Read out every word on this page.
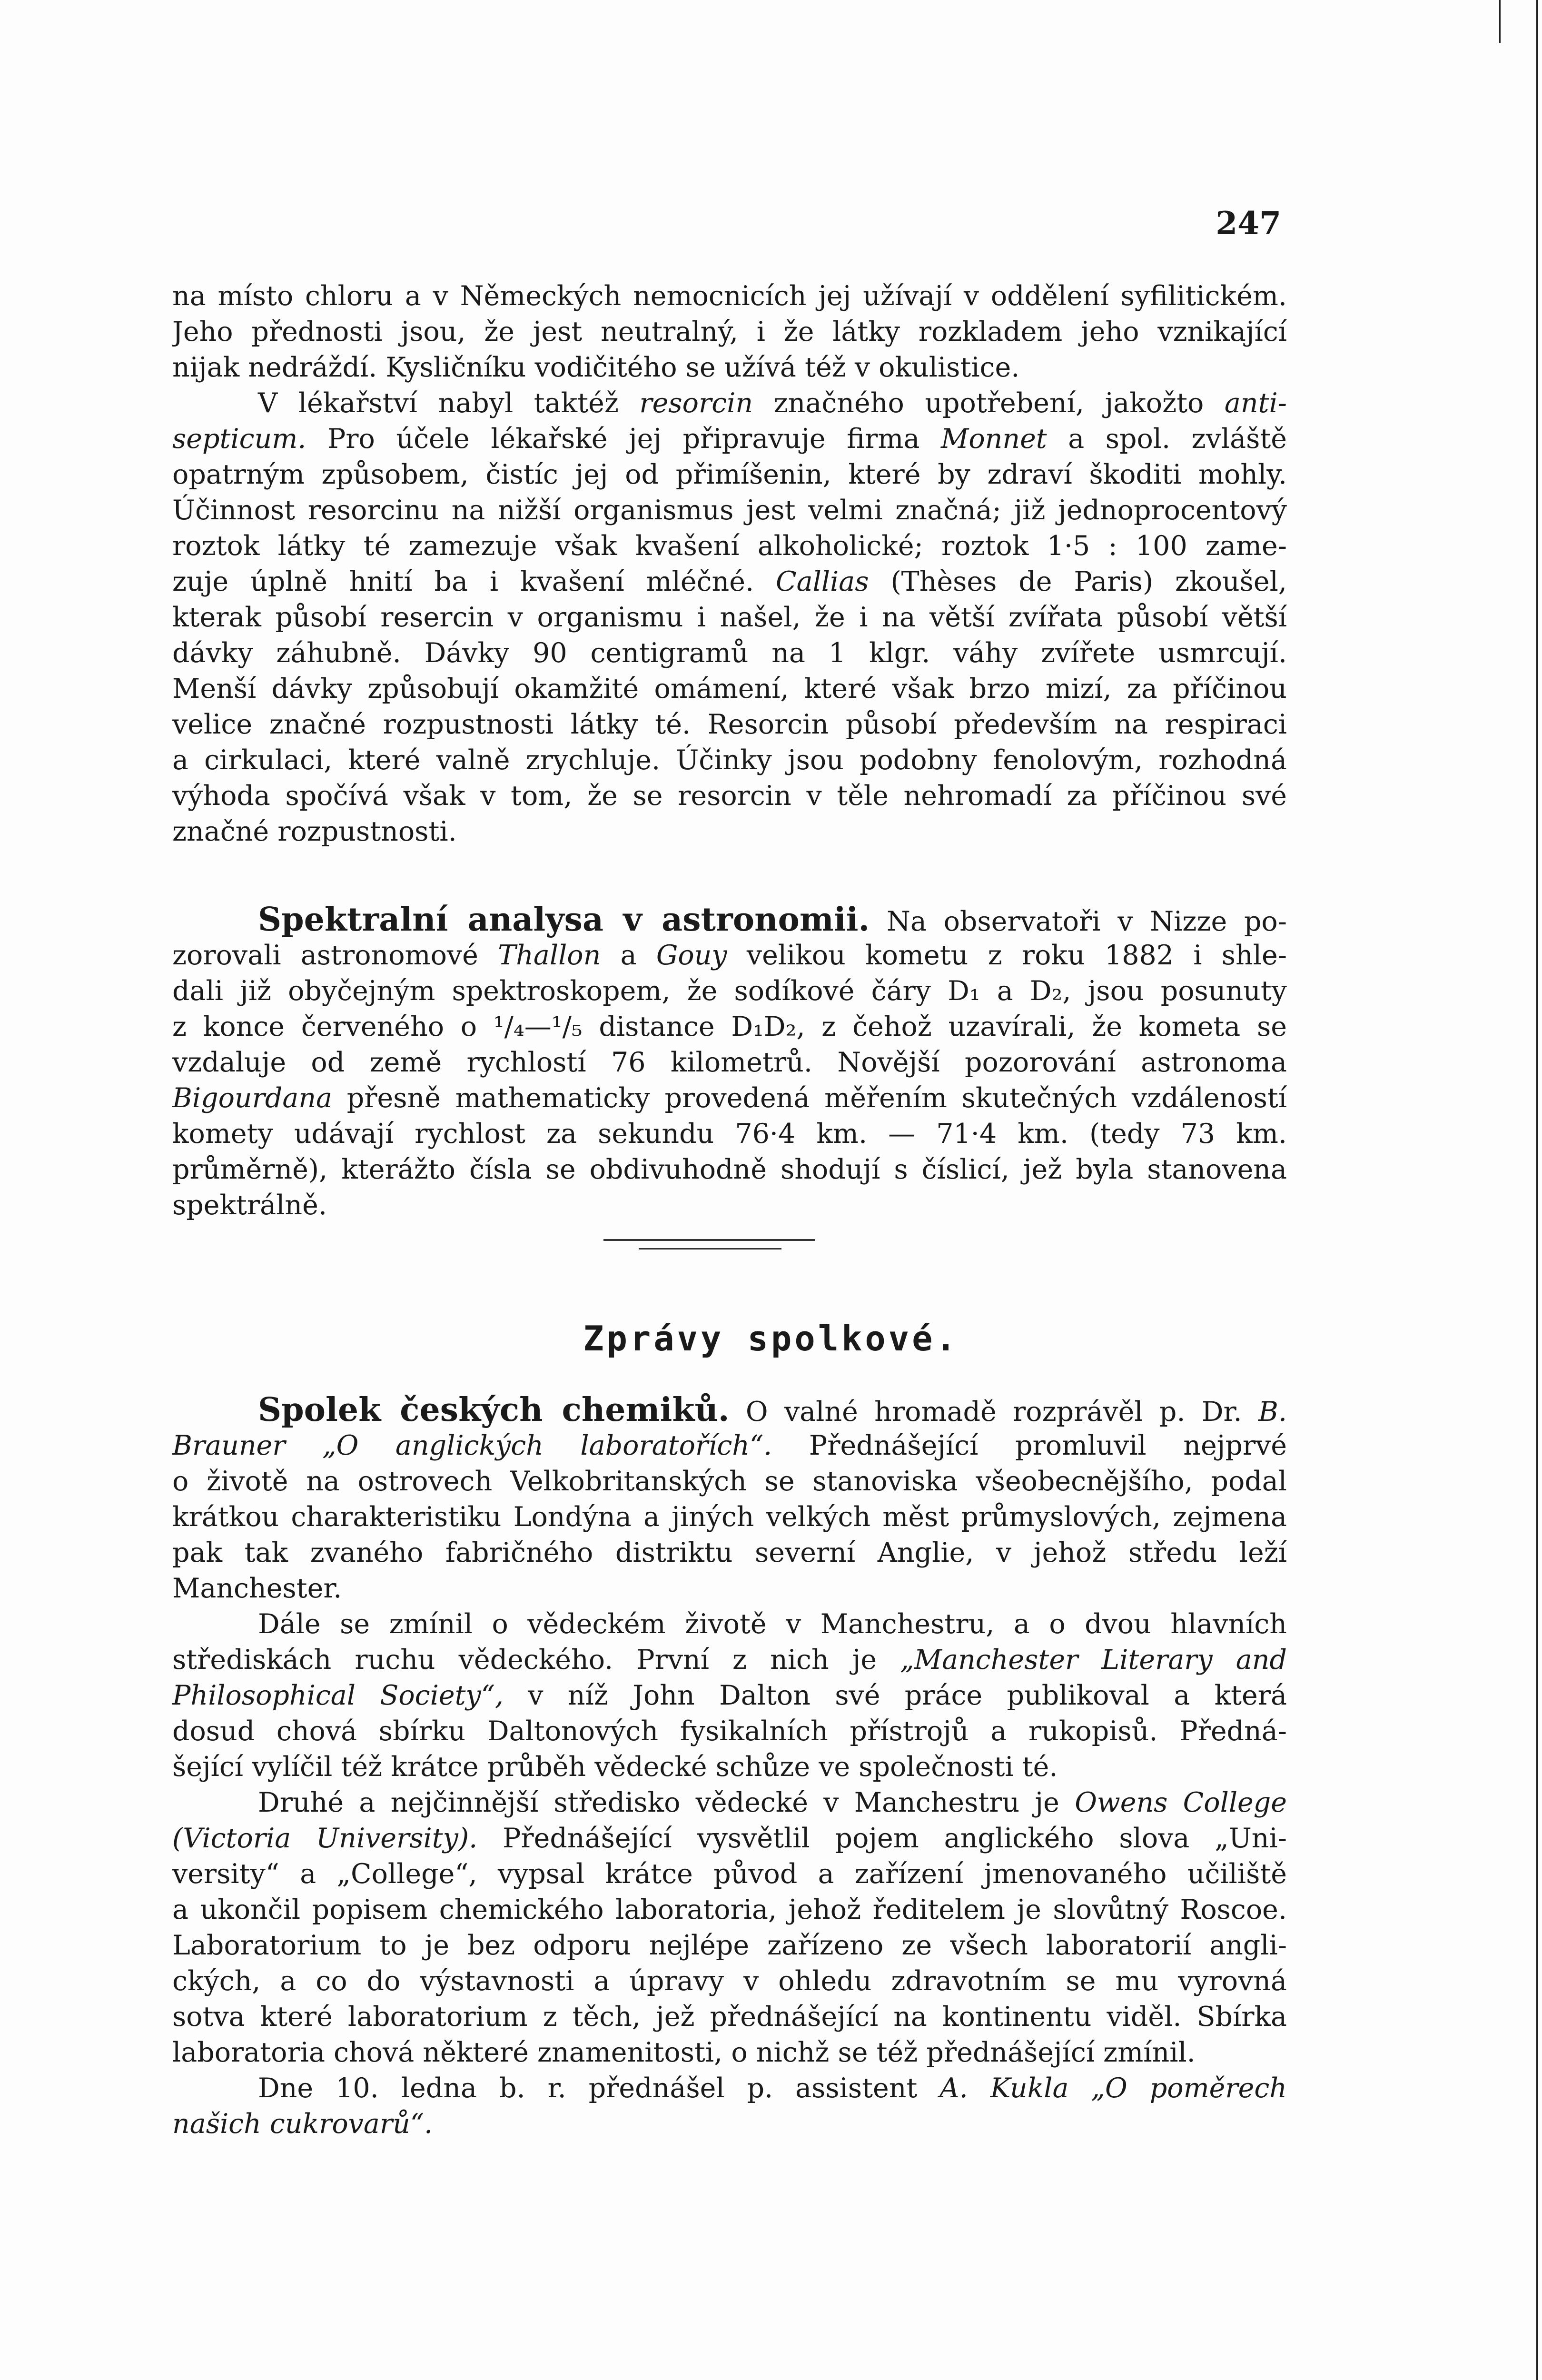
247
na místo chloru a v Německých nemocnicích jej užívají v oddělení syfilitickém.
Jeho přednosti jsou, že jest neutralný, i že látky rozkladem jeho vznikající
nijak nedráždí. Kysličníku vodičitého se užívá též v okulistice.
V lékařství nabyl taktéž resorcin značného upotřebení, jakožto anti-
septicum. Pro účele lékařské jej připravuje firma Monnet a spol. zvláště
opatrným způsobem, čistíc jej od přimíšenin, které by zdraví škoditi mohly.
Účinnost resorcinu na nižší organismus jest velmi značná; již jednoprocentový
roztok látky té zamezuje však kvašení alkoholické; roztok 1·5 : 100 zame-
zuje úplně hnití ba i kvašení mléčné. Callias (Thèses de Paris) zkoušel,
kterak působí resercin v organismu i našel, že i na větší zvířata působí větší
dávky záhubně. Dávky 90 centigramů na 1 klgr. váhy zvířete usmrcují.
Menší dávky způsobují okamžité omámení, které však brzo mizí, za příčinou
velice značné rozpustnosti látky té. Resorcin působí především na respiraci
a cirkulaci, které valně zrychluje. Účinky jsou podobny fenolovým, rozhodná
výhoda spočívá však v tom, že se resorcin v těle nehromadí za příčinou své
značné rozpustnosti.
Spektralní analysa v astronomii. Na observatoři v Nizze po-
zorovali astronomové Thallon a Gouy velikou kometu z roku 1882 i shle-
dali již obyčejným spektroskopem, že sodíkové čáry D₁ a D₂, jsou posunuty
z konce červeného o ¹/₄—¹/₅ distance D₁D₂, z čehož uzavírali, že kometa se
vzdaluje od země rychlostí 76 kilometrů. Novější pozorování astronoma
Bigourdana přesně mathematicky provedená měřením skutečných vzdáleností
komety udávají rychlost za sekundu 76·4 km. — 71·4 km. (tedy 73 km.
průměrně), kterážto čísla se obdivuhodně shodují s číslicí, jež byla stanovena
spektrálně.
Zprávy spolkové.
Spolek českých chemiků. O valné hromadě rozprávěl p. Dr. B.
Brauner „O anglických laboratořích“. Přednášející promluvil nejprvé
o životě na ostrovech Velkobritanských se stanoviska všeobecnějšího, podal
krátkou charakteristiku Londýna a jiných velkých měst průmyslových, zejmena
pak tak zvaného fabričného distriktu severní Anglie, v jehož středu leží
Manchester.
Dále se zmínil o vědeckém životě v Manchestru, a o dvou hlavních
střediskách ruchu vědeckého. První z nich je „Manchester Literary and
Philosophical Society“, v níž John Dalton své práce publikoval a která
dosud chová sbírku Daltonových fysikalních přístrojů a rukopisů. Předná-
šející vylíčil též krátce průběh vědecké schůze ve společnosti té.
Druhé a nejčinnější středisko vědecké v Manchestru je Owens College
(Victoria University). Přednášející vysvětlil pojem anglického slova „Uni-
versity“ a „College“, vypsal krátce původ a zařízení jmenovaného učiliště
a ukončil popisem chemického laboratoria, jehož ředitelem je slovůtný Roscoe.
Laboratorium to je bez odporu nejlépe zařízeno ze všech laboratorií angli-
ckých, a co do výstavnosti a úpravy v ohledu zdravotním se mu vyrovná
sotva které laboratorium z těch, jež přednášející na kontinentu viděl. Sbírka
laboratoria chová některé znamenitosti, o nichž se též přednášející zmínil.
Dne 10. ledna b. r. přednášel p. assistent A. Kukla „O poměrech
našich cukrovarů“.
